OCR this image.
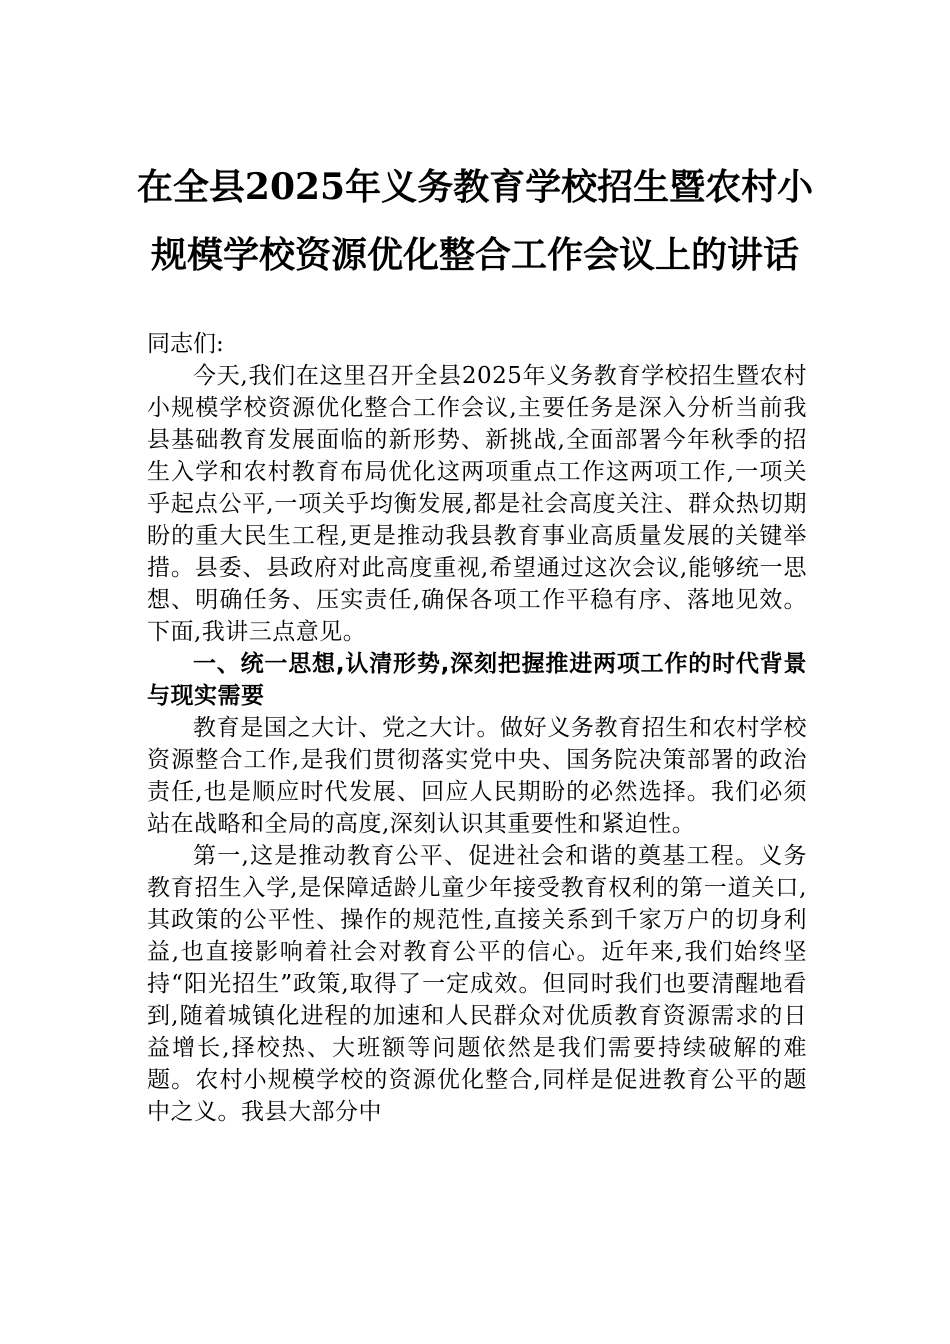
在全县2025年义务教育学校招生暨农村小
规模学校资源优化整合工作会议上的讲话
同志们:

今天,我们在这里召开全县2025年义务教育学校招生暨农村小规模学校资源优化整合工作会议,主要任务是深入分析当前我县基础教育发展面临的新形势、新挑战,全面部署今年秋季的招生入学和农村教育布局优化这两项重点工作这两项工作,一项关乎起点公平,一项关乎均衡发展,都是社会高度关注、群众热切期盼的重大民生工程,更是推动我县教育事业高质量发展的关键举措。县委、县政府对此高度重视,希望通过这次会议,能够统一思想、明确任务、压实责任,确保各项工作平稳有序、落地见效。下面,我讲三点意见。

一、统一思想,认清形势,深刻把握推进两项工作的时代背景与现实需要

教育是国之大计、党之大计。做好义务教育招生和农村学校资源整合工作,是我们贯彻落实党中央、国务院决策部署的政治责任,也是顺应时代发展、回应人民期盼的必然选择。我们必须站在战略和全局的高度,深刻认识其重要性和紧迫性。

第一,这是推动教育公平、促进社会和谐的奠基工程。义务教育招生入学,是保障适龄儿童少年接受教育权利的第一道关口,其政策的公平性、操作的规范性,直接关系到千家万户的切身利益,也直接影响着社会对教育公平的信心。近年来,我们始终坚持“阳光招生”政策,取得了一定成效。但同时我们也要清醒地看到,随着城镇化进程的加速和人民群众对优质教育资源需求的日益增长,择校热、大班额等问题依然是我们需要持续破解的难题。农村小规模学校的资源优化整合,同样是促进教育公平的题中之义。我县大部分中
